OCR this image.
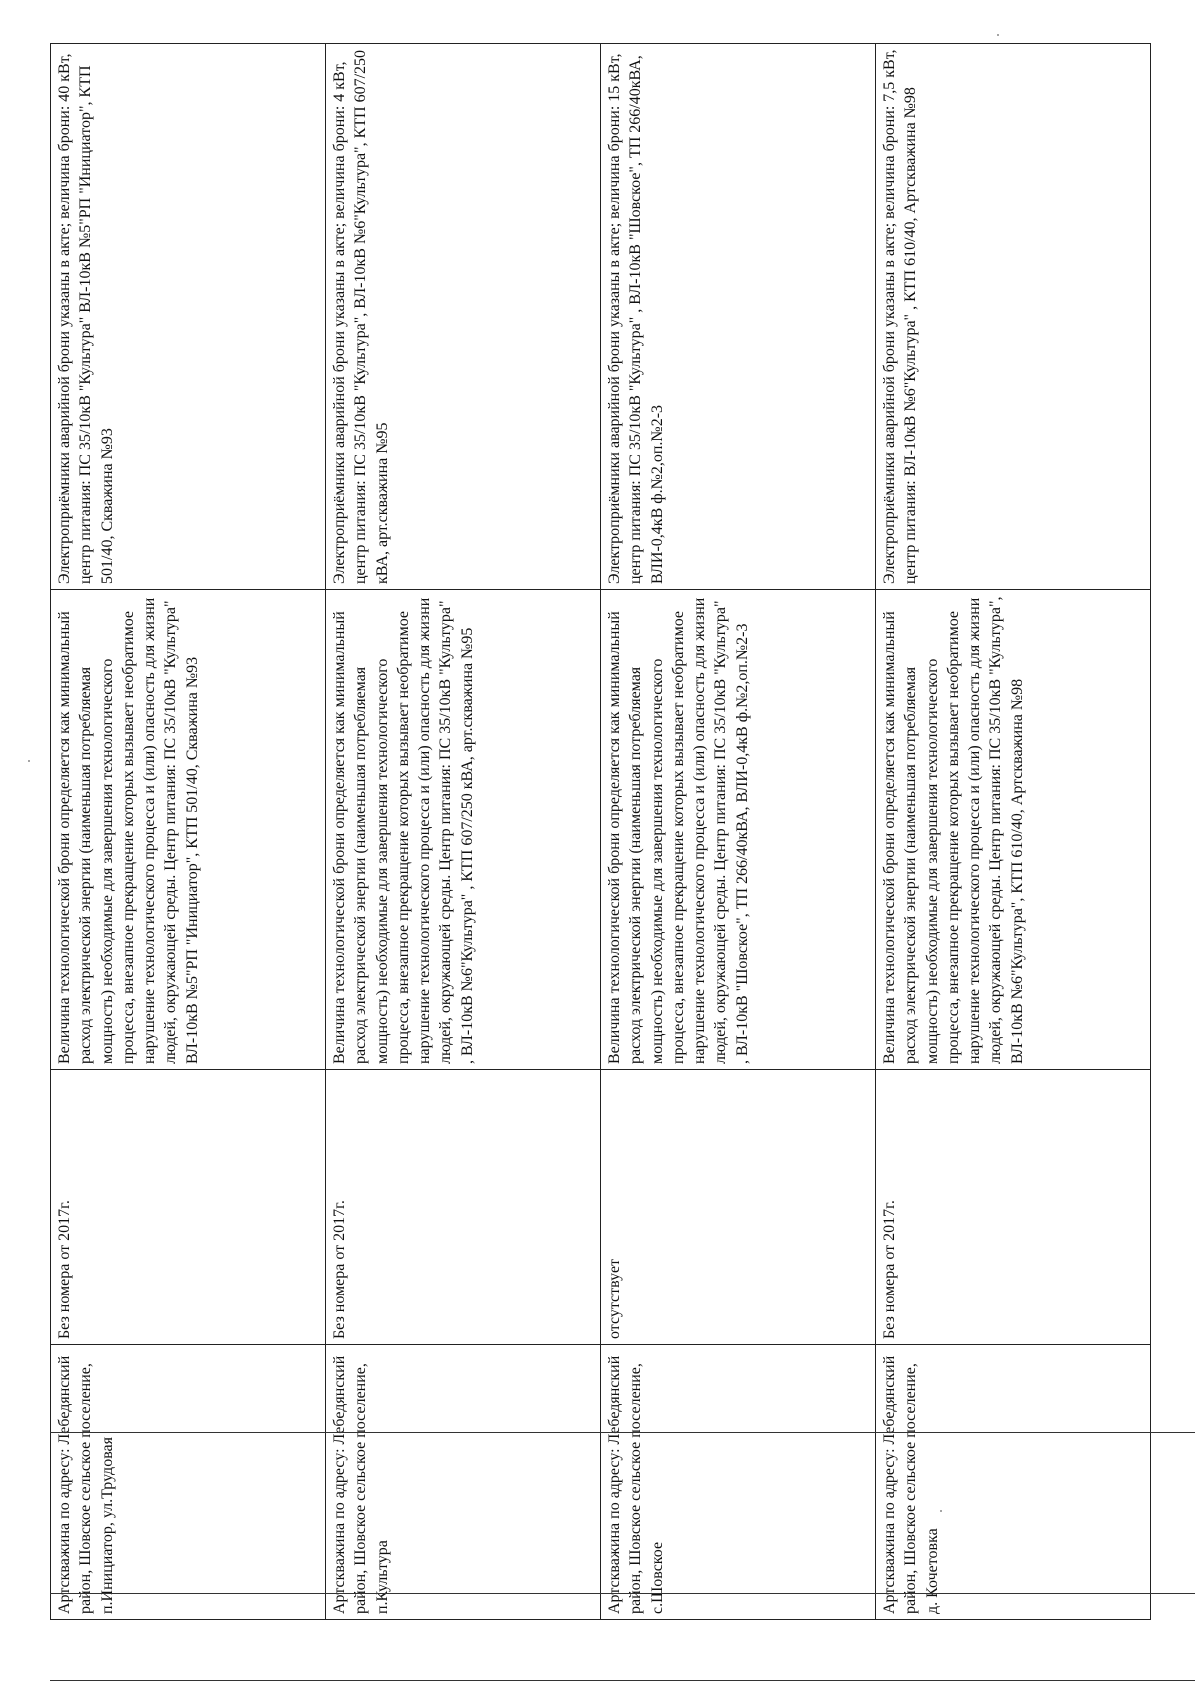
Артскважина по адресу: Лебедянский район, Шовское сельское поселение, п.Инициатор, ул.Трудовая	Без номера от 2017г.	Величина технологической брони определяется как минимальный расход электрической энергии (наименьшая потребляемая мощность) необходимые для завершения технологического процесса, внезапное прекращение которых вызывает необратимое нарушение технологического процесса и (или) опасность для жизни людей, окружающей среды. Центр питания: ПС 35/10кВ "Культура" ВЛ-10кВ №5"РП "Инициатор", КТП 501/40, Скважина №93	Электроприёмники аварийной брони указаны в акте; величина брони: 40 кВт, центр питания: ПС 35/10кВ "Культура" ВЛ-10кВ №5"РП "Инициатор", КТП 501/40, Скважина №93
Артскважина по адресу: Лебедянский район, Шовское сельское поселение, п.Культура	Без номера от 2017г.	Величина технологической брони определяется как минимальный расход электрической энергии (наименьшая потребляемая мощность) необходимые для завершения технологического процесса, внезапное прекращение которых вызывает необратимое нарушение технологического процесса и (или) опасность для жизни людей, окружающей среды. Центр питания: ПС 35/10кВ "Культура" , ВЛ-10кВ №6"Культура" , КТП 607/250 кВА, арт.скважина №95	Электроприёмники аварийной брони указаны в акте; величина брони: 4 кВт, центр питания: ПС 35/10кВ "Культура", ВЛ-10кВ №6"Культура", КТП 607/250 кВА, арт.скважина №95
Артскважина по адресу: Лебедянский район, Шовское сельское поселение, с.Шовское	отсутствует	Величина технологической брони определяется как минимальный расход электрической энергии (наименьшая потребляемая мощность) необходимые для завершения технологического процесса, внезапное прекращение которых вызывает необратимое нарушение технологического процесса и (или) опасность для жизни людей, окружающей среды. Центр питания: ПС 35/10кВ "Культура" , ВЛ-10кВ "Шовское", ТП 266/40кВА, ВЛИ-0,4кВ ф.№2,оп.№2-3	Электроприёмники аварийной брони указаны в акте; величина брони: 15 кВт, центр питания: ПС 35/10кВ "Культура" , ВЛ-10кВ "Шовское", ТП 266/40кВА, ВЛИ-0,4кВ ф.№2,оп.№2-3
Артскважина по адресу: Лебедянский район, Шовское сельское поселение, д. Кочетовка	Без номера от 2017г.	Величина технологической брони определяется как минимальный расход электрической энергии (наименьшая потребляемая мощность) необходимые для завершения технологического процесса, внезапное прекращение которых вызывает необратимое нарушение технологического процесса и (или) опасность для жизни людей, окружающей среды. Центр питания: ПС 35/10кВ "Культура", ВЛ-10кВ №6"Культура", КТП 610/40, Артскважина №98	Электроприёмники аварийной брони указаны в акте; величина брони: 7,5 кВт, центр питания: ВЛ-10кВ №6"Культура" , КТП 610/40, Артскважина №98
